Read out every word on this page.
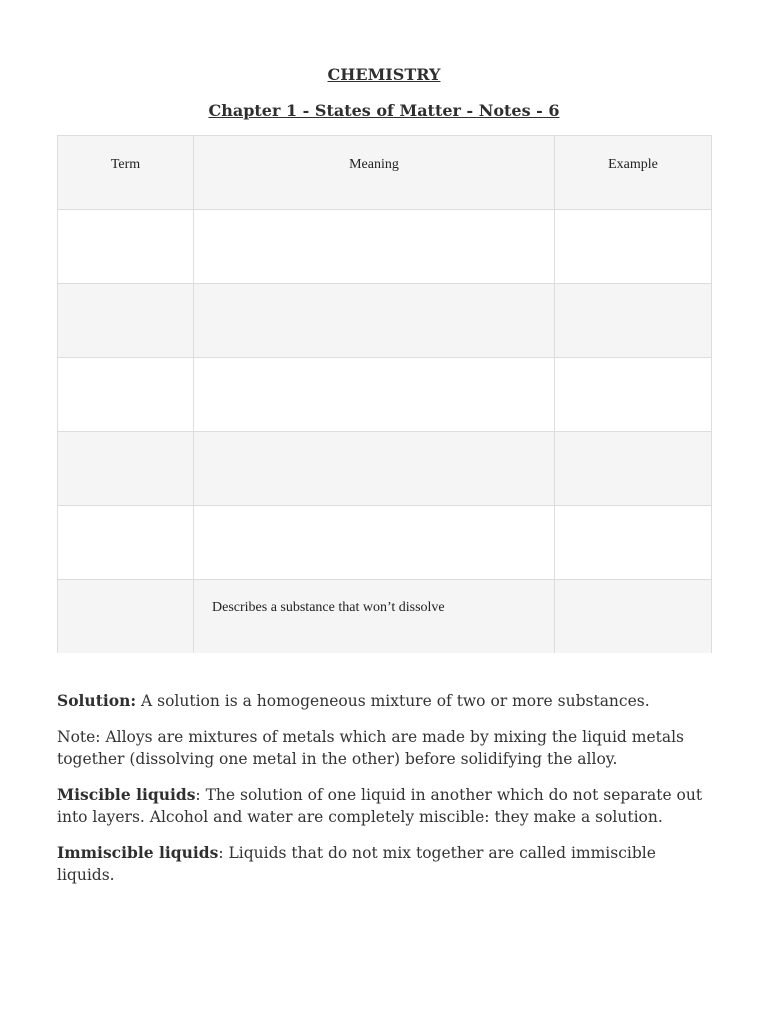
CHEMISTRY
Chapter 1 - States of Matter - Notes - 6
Term	Meaning	Example

	Describes a substance that won’t dissolve	

Solution: A solution is a homogeneous mixture of two or more substances.

Note: Alloys are mixtures of metals which are made by mixing the liquid metals together (dissolving one metal in the other) before solidifying the alloy.

Miscible liquids: The solution of one liquid in another which do not separate out into layers. Alcohol and water are completely miscible: they make a solution.

Immiscible liquids: Liquids that do not mix together are called immiscible liquids.
